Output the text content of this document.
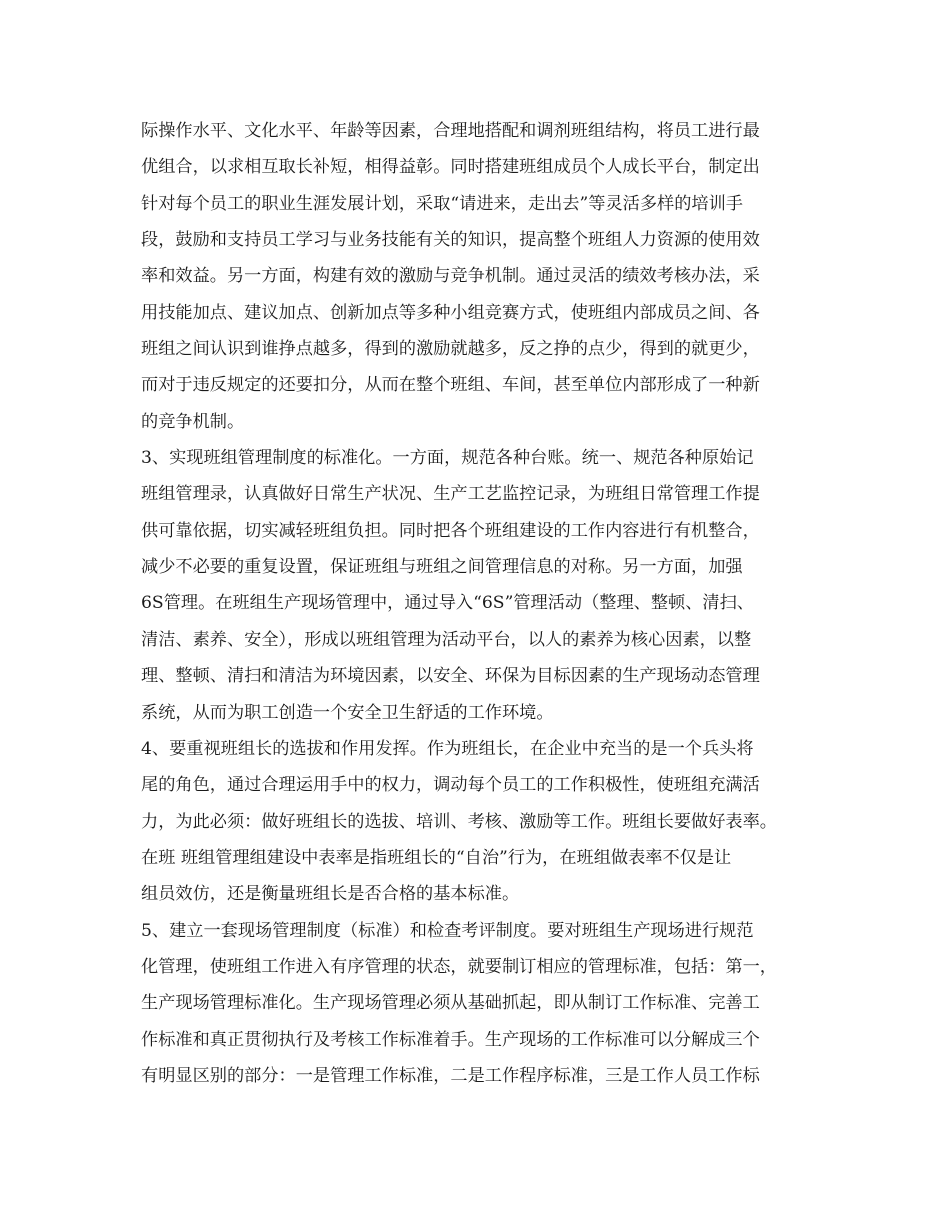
际操作水平、文化水平、年龄等因素，合理地搭配和调剂班组结构，将员工进行最
优组合，以求相互取长补短，相得益彰。同时搭建班组成员个人成长平台，制定出
针对每个员工的职业生涯发展计划，采取“请进来，走出去”等灵活多样的培训手
段，鼓励和支持员工学习与业务技能有关的知识，提高整个班组人力资源的使用效
率和效益。另一方面，构建有效的激励与竞争机制。通过灵活的绩效考核办法，采
用技能加点、建议加点、创新加点等多种小组竞赛方式，使班组内部成员之间、各
班组之间认识到谁挣点越多，得到的激励就越多，反之挣的点少，得到的就更少，
而对于违反规定的还要扣分，从而在整个班组、车间，甚至单位内部形成了一种新
的竞争机制。
3、实现班组管理制度的标准化。一方面，规范各种台账。统一、规范各种原始记
班组管理录，认真做好日常生产状况、生产工艺监控记录，为班组日常管理工作提
供可靠依据，切实减轻班组负担。同时把各个班组建设的工作内容进行有机整合，
减少不必要的重复设置，保证班组与班组之间管理信息的对称。另一方面，加强
6S管理。在班组生产现场管理中，通过导入“6S”管理活动（整理、整顿、清扫、
清洁、素养、安全），形成以班组管理为活动平台，以人的素养为核心因素，以整
理、整顿、清扫和清洁为环境因素，以安全、环保为目标因素的生产现场动态管理
系统，从而为职工创造一个安全卫生舒适的工作环境。
4、要重视班组长的选拔和作用发挥。作为班组长，在企业中充当的是一个兵头将
尾的角色，通过合理运用手中的权力，调动每个员工的工作积极性，使班组充满活
力，为此必须：做好班组长的选拔、培训、考核、激励等工作。班组长要做好表率。
在班 班组管理组建设中表率是指班组长的“自治”行为，在班组做表率不仅是让
组员效仿，还是衡量班组长是否合格的基本标准。
5、建立一套现场管理制度（标准）和检查考评制度。要对班组生产现场进行规范
化管理，使班组工作进入有序管理的状态，就要制订相应的管理标准，包括：第一，
生产现场管理标准化。生产现场管理必须从基础抓起，即从制订工作标准、完善工
作标准和真正贯彻执行及考核工作标准着手。生产现场的工作标准可以分解成三个
有明显区别的部分：一是管理工作标准，二是工作程序标准，三是工作人员工作标
